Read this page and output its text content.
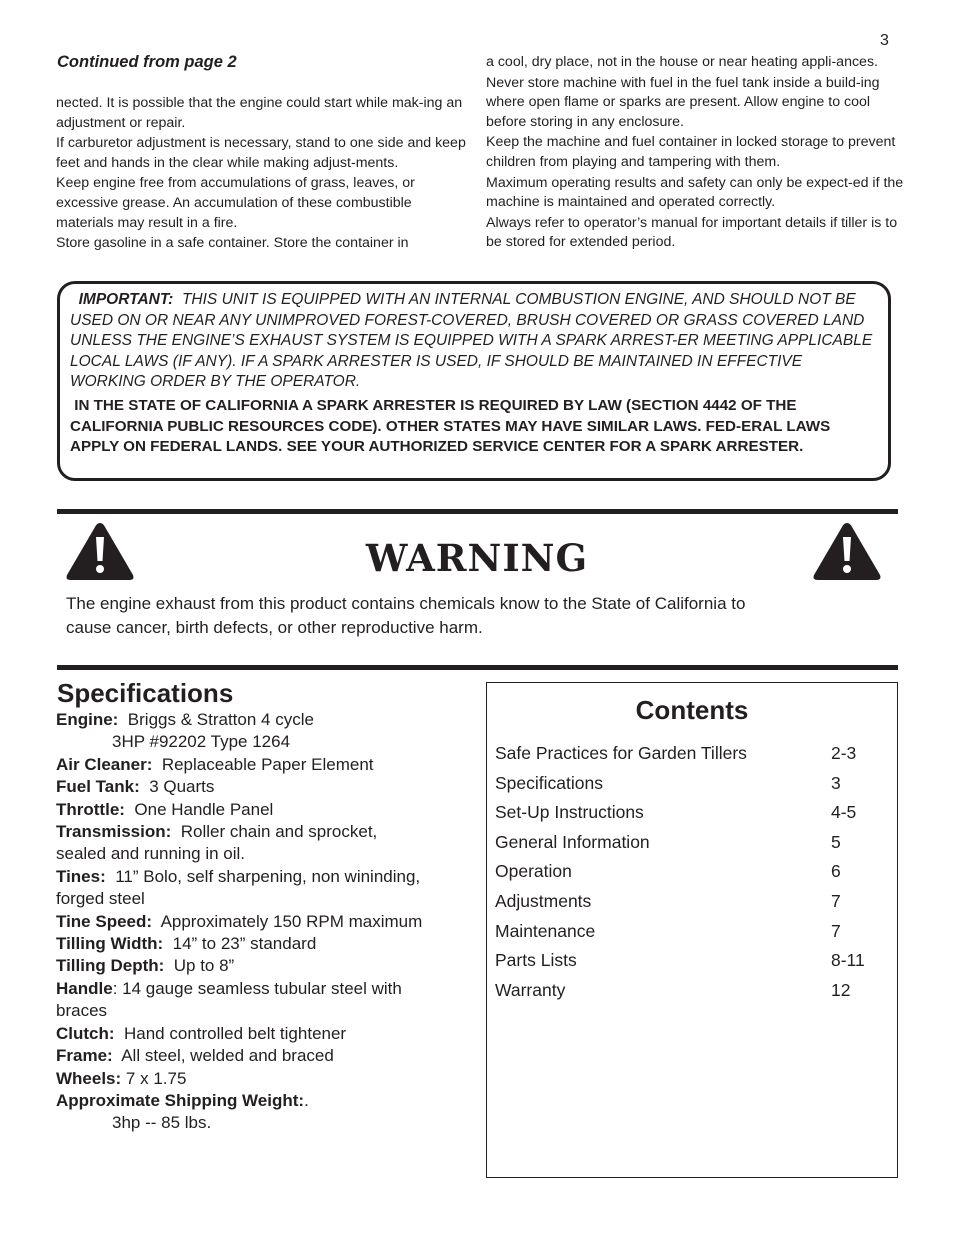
3
Continued from page 2

nected. It is possible that the engine could start while mak-ing an adjustment or repair.

If carburetor adjustment is necessary, stand to one side and keep feet and hands in the clear while making adjust-ments.

Keep engine free from accumulations of grass, leaves, or excessive grease. An accumulation of these combustible materials may result in a fire.

Store gasoline in a safe container. Store the container in

a cool, dry place, not in the house or near heating appli-ances.

Never store machine with fuel in the fuel tank inside a build-ing where open flame or sparks are present. Allow engine to cool before storing in any enclosure.

Keep the machine and fuel container in locked storage to prevent children from playing and tampering with them.

Maximum operating results and safety can only be expect-ed if the machine is maintained and operated correctly.

Always refer to operator’s manual for important details if tiller is to be stored for extended period.

IMPORTANT: THIS UNIT IS EQUIPPED WITH AN INTERNAL COMBUSTION ENGINE, AND SHOULD NOT BE USED ON OR NEAR ANY UNIMPROVED FOREST-COVERED, BRUSH COVERED OR GRASS COVERED LAND UNLESS THE ENGINE’S EXHAUST SYSTEM IS EQUIPPED WITH A SPARK ARREST-ER MEETING APPLICABLE LOCAL LAWS (IF ANY). IF A SPARK ARRESTER IS USED, IF SHOULD BE MAINTAINED IN EFFECTIVE WORKING ORDER BY THE OPERATOR.
IN THE STATE OF CALIFORNIA A SPARK ARRESTER IS REQUIRED BY LAW (SECTION 4442 OF THE CALIFORNIA PUBLIC RESOURCES CODE). OTHER STATES MAY HAVE SIMILAR LAWS. FED-ERAL LAWS APPLY ON FEDERAL LANDS. SEE YOUR AUTHORIZED SERVICE CENTER FOR A SPARK ARRESTER.
WARNING
The engine exhaust from this product contains chemicals know to the State of California to cause cancer, birth defects, or other reproductive harm.
Specifications
Engine: Briggs & Stratton 4 cycle
3HP #92202 Type 1264
Air Cleaner: Replaceable Paper Element
Fuel Tank: 3 Quarts
Throttle: One Handle Panel
Transmission: Roller chain and sprocket,
sealed and running in oil.
Tines: 11” Bolo, self sharpening, non wininding,
forged steel
Tine Speed: Approximately 150 RPM maximum
Tilling Width: 14” to 23” standard
Tilling Depth: Up to 8”
Handle: 14 gauge seamless tubular steel with
braces
Clutch: Hand controlled belt tightener
Frame: All steel, welded and braced
Wheels: 7 x 1.75
Approximate Shipping Weight:.
3hp -- 85 lbs.
Contents
Safe Practices for Garden Tillers	2-3
Specifications	3
Set-Up Instructions	4-5
General Information	5
Operation	6
Adjustments	7
Maintenance	7
Parts Lists	8-11
Warranty	12
